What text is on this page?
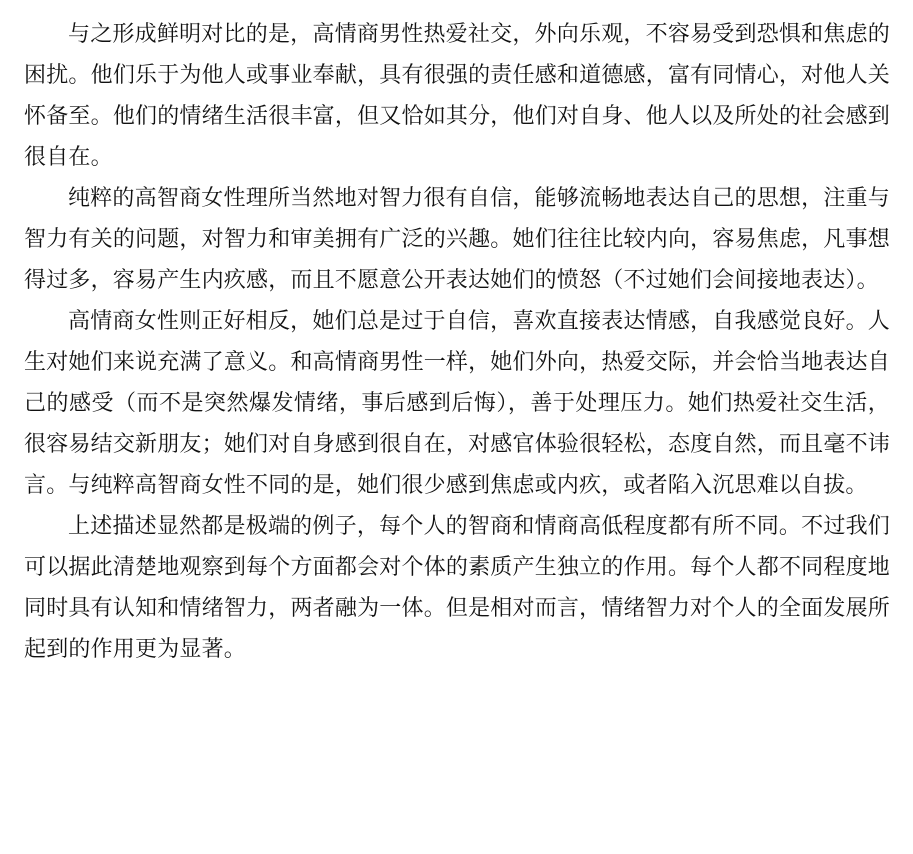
与之形成鲜明对比的是，高情商男性热爱社交，外向乐观，不容易受到恐惧和焦虑的困扰。他们乐于为他人或事业奉献，具有很强的责任感和道德感，富有同情心，对他人关怀备至。他们的情绪生活很丰富，但又恰如其分，他们对自身、他人以及所处的社会感到很自在。

纯粹的高智商女性理所当然地对智力很有自信，能够流畅地表达自己的思想，注重与智力有关的问题，对智力和审美拥有广泛的兴趣。她们往往比较内向，容易焦虑，凡事想得过多，容易产生内疚感，而且不愿意公开表达她们的愤怒（不过她们会间接地表达）。

高情商女性则正好相反，她们总是过于自信，喜欢直接表达情感，自我感觉良好。人生对她们来说充满了意义。和高情商男性一样，她们外向，热爱交际，并会恰当地表达自己的感受（而不是突然爆发情绪，事后感到后悔），善于处理压力。她们热爱社交生活，很容易结交新朋友；她们对自身感到很自在，对感官体验很轻松，态度自然，而且毫不讳言。与纯粹高智商女性不同的是，她们很少感到焦虑或内疚，或者陷入沉思难以自拔。

上述描述显然都是极端的例子，每个人的智商和情商高低程度都有所不同。不过我们可以据此清楚地观察到每个方面都会对个体的素质产生独立的作用。每个人都不同程度地同时具有认知和情绪智力，两者融为一体。但是相对而言，情绪智力对个人的全面发展所起到的作用更为显著。
